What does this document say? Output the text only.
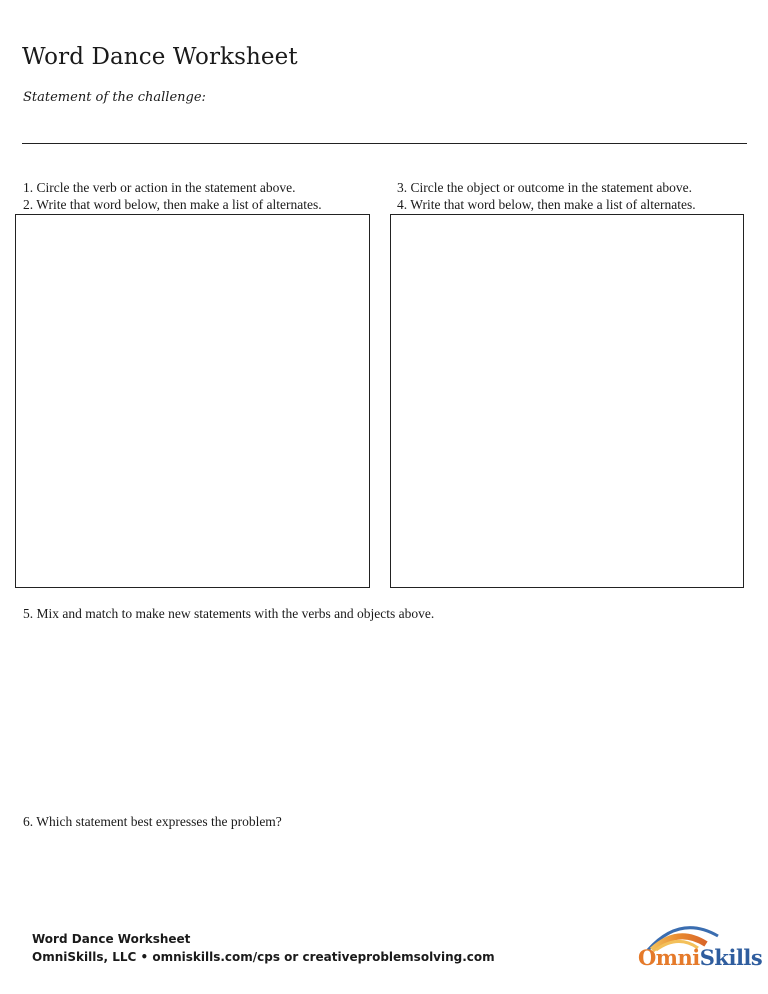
Word Dance Worksheet
Statement of the challenge:
1. Circle the verb or action in the statement above.
2. Write that word below, then make a list of alternates.
3. Circle the object or outcome in the statement above.
4. Write that word below, then make a list of alternates.
5. Mix and match to make new statements with the verbs and objects above.
6. Which statement best expresses the problem?
Word Dance Worksheet
OmniSkills, LLC • omniskills.com/cps or creativeproblemsolving.com	OmniSkills
